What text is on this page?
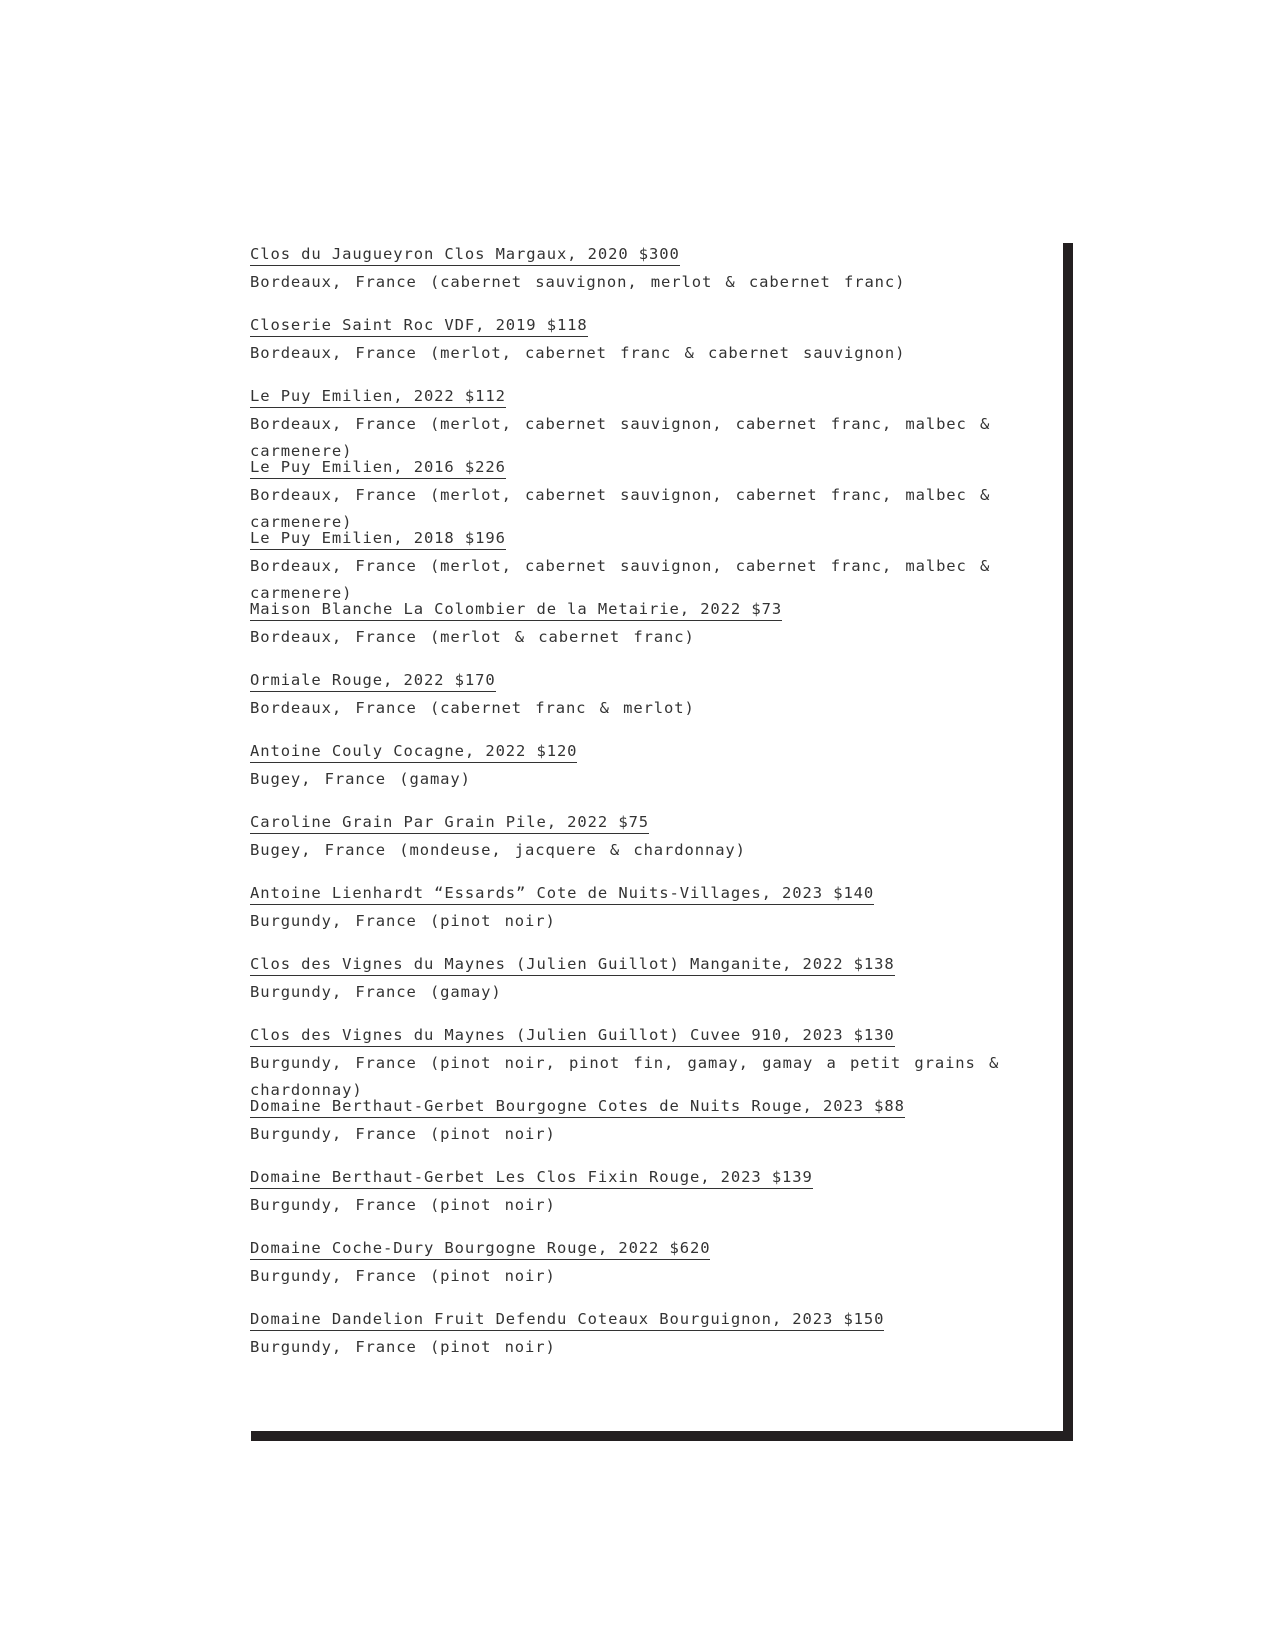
Clos du Jaugueyron Clos Margaux, 2020 $300
Bordeaux, France (cabernet sauvignon, merlot & cabernet franc)
Closerie Saint Roc VDF, 2019 $118
Bordeaux, France (merlot, cabernet franc & cabernet sauvignon)
Le Puy Emilien, 2022 $112
Bordeaux, France (merlot, cabernet sauvignon, cabernet franc, malbec & carmenere)
Le Puy Emilien, 2016 $226
Bordeaux, France (merlot, cabernet sauvignon, cabernet franc, malbec & carmenere)
Le Puy Emilien, 2018 $196
Bordeaux, France (merlot, cabernet sauvignon, cabernet franc, malbec & carmenere)
Maison Blanche La Colombier de la Metairie, 2022 $73
Bordeaux, France (merlot & cabernet franc)
Ormiale Rouge, 2022 $170
Bordeaux, France (cabernet franc & merlot)
Antoine Couly Cocagne, 2022 $120
Bugey, France (gamay)
Caroline Grain Par Grain Pile, 2022 $75
Bugey, France (mondeuse, jacquere & chardonnay)
Antoine Lienhardt “Essards” Cote de Nuits-Villages, 2023 $140
Burgundy, France (pinot noir)
Clos des Vignes du Maynes (Julien Guillot) Manganite, 2022 $138
Burgundy, France (gamay)
Clos des Vignes du Maynes (Julien Guillot) Cuvee 910, 2023 $130
Burgundy, France (pinot noir, pinot fin, gamay, gamay a petit grains & chardonnay)
Domaine Berthaut-Gerbet Bourgogne Cotes de Nuits Rouge, 2023 $88
Burgundy, France (pinot noir)
Domaine Berthaut-Gerbet Les Clos Fixin Rouge, 2023 $139
Burgundy, France (pinot noir)
Domaine Coche-Dury Bourgogne Rouge, 2022 $620
Burgundy, France (pinot noir)
Domaine Dandelion Fruit Defendu Coteaux Bourguignon, 2023 $150
Burgundy, France (pinot noir)
